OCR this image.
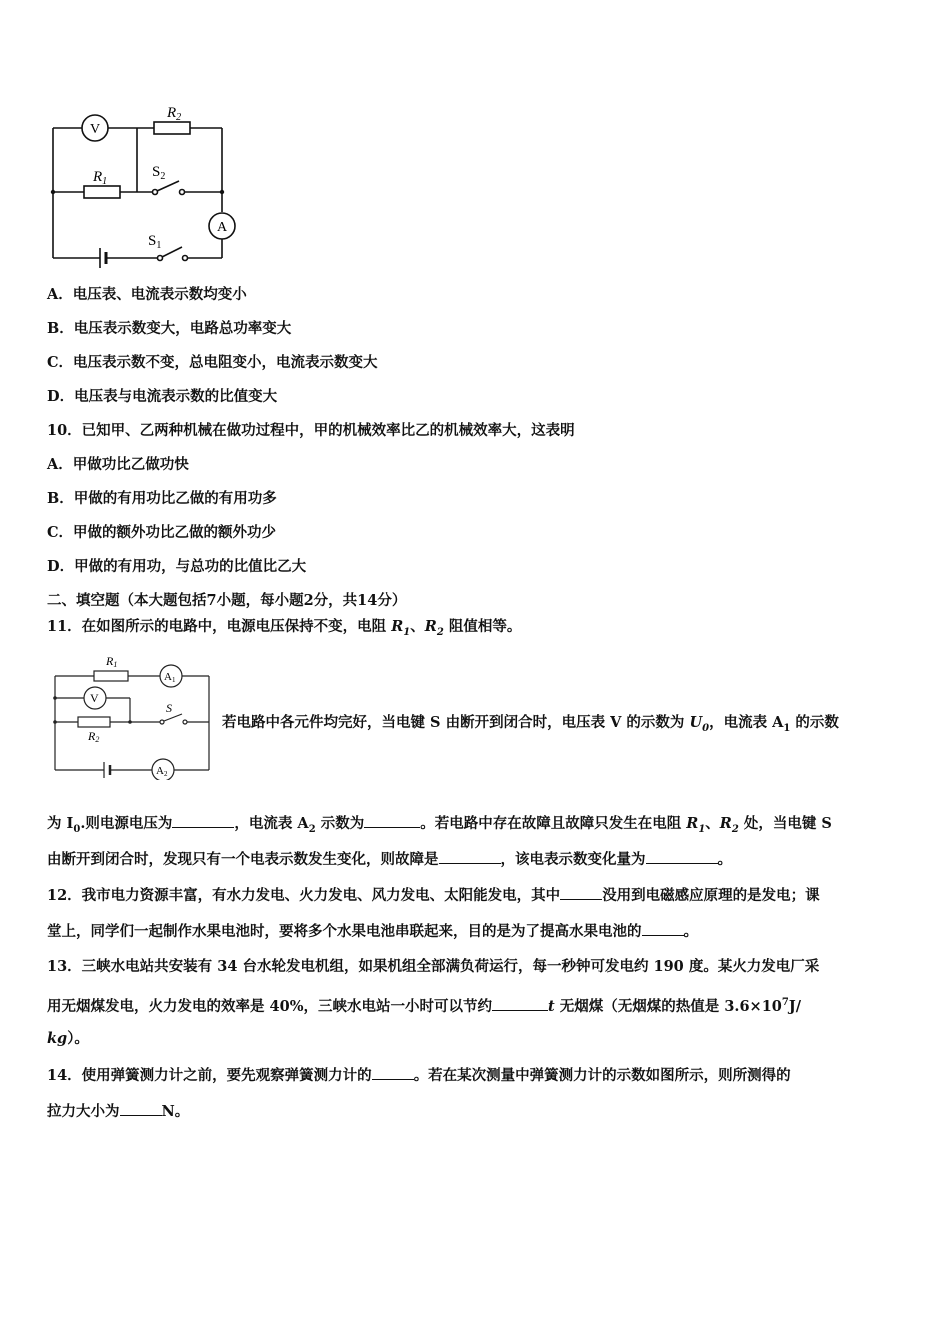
V
A
$R_2$
$R_1$
$S_2$
$S_1$
A．电压表、电流表示数均变小
B．电压表示数变大，电路总功率变大
C．电压表示数不变，总电阻变小，电流表示数变大
D．电压表与电流表示数的比值变大
10．已知甲、乙两种机械在做功过程中，甲的机械效率比乙的机械效率大，这表明
A．甲做功比乙做功快
B．甲做的有用功比乙做的有用功多
C．甲做的额外功比乙做的额外功少
D．甲做的有用功，与总功的比值比乙大
二、填空题（本大题包括7小题，每小题2分，共14分）
11．在如图所示的电路中，电源电压保持不变，电阻 $R_1$、$R_2$ 阻值相等。
R1
A1
V
S
R2
A2
若电路中各元件均完好，当电键 S 由断开到闭合时，电压表 V 的示数为 $U_0$，电流表 $A_1$ 的示数
为 $I_0$.则电源电压为	，电流表 $A_2$ 示数为	。若电路中存在故障且故障只发生在电阻 $R_1$、$R_2$ 处，当电键 S
由断开到闭合时，发现只有一个电表示数发生变化，则故障是	，该电表示数变化量为	。
12．我市电力资源丰富，有水力发电、火力发电、风力发电、太阳能发电，其中	没用到电磁感应原理的是发电；课
堂上，同学们一起制作水果电池时，要将多个水果电池串联起来，目的是为了提高水果电池的	。
13．三峡水电站共安装有 34 台水轮发电机组，如果机组全部满负荷运行，每一秒钟可发电约 190 度。某火力发电厂采
用无烟煤发电，火力发电的效率是 40%，三峡水电站一小时可以节约	t 无烟煤（无烟煤的热值是 $3.6\times 10^7J/$
kg）。
14．使用弹簧测力计之前，要先观察弹簧测力计的	。若在某次测量中弹簧测力计的示数如图所示，则所测得的
拉力大小为	N。
